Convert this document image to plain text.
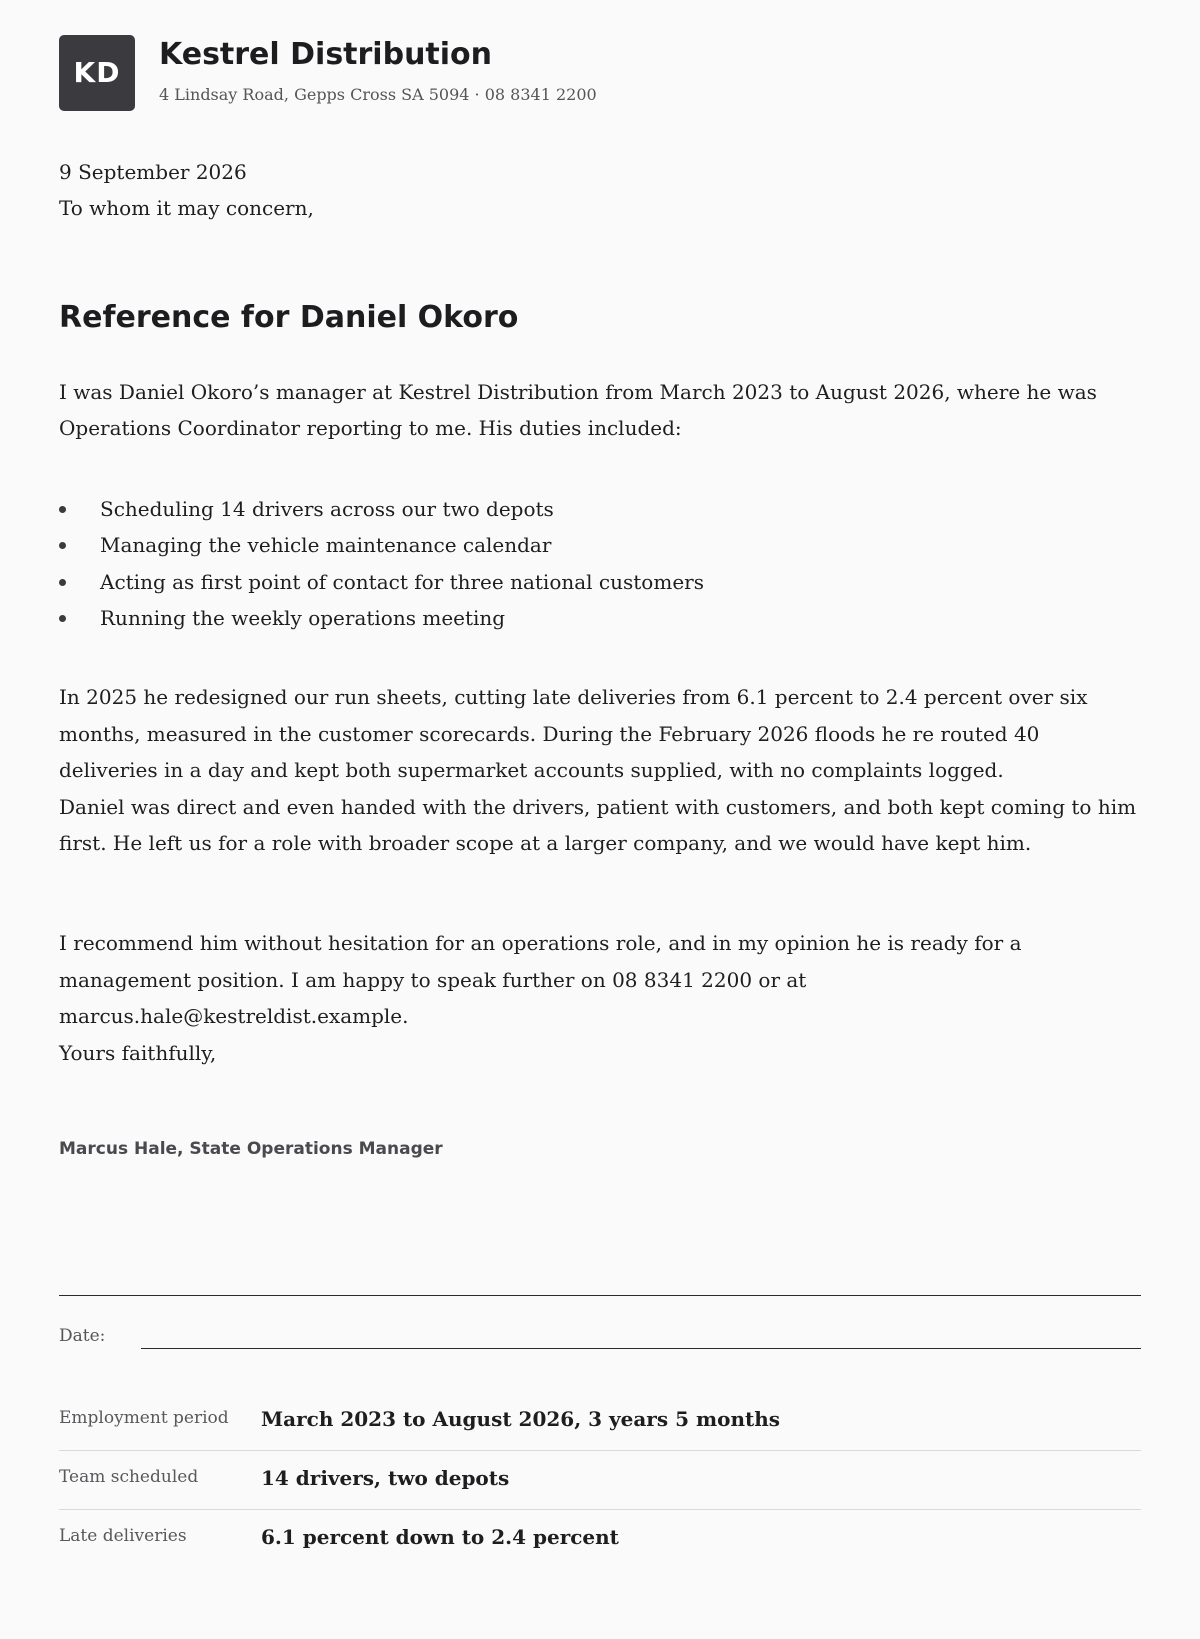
KD
Kestrel Distribution
4 Lindsay Road, Gepps Cross SA 5094 · 08 8341 2200

9 September 2026

To whom it may concern,

Reference for Daniel Okoro

I was Daniel Okoro’s manager at Kestrel Distribution from March 2023 to August 2026, where he was Operations Coordinator reporting to me. His duties included:

Scheduling 14 drivers across our two depots
Managing the vehicle maintenance calendar
Acting as first point of contact for three national customers
Running the weekly operations meeting

In 2025 he redesigned our run sheets, cutting late deliveries from 6.1 percent to 2.4 percent over six months, measured in the customer scorecards. During the February 2026 floods he re routed 40 deliveries in a day and kept both supermarket accounts supplied, with no complaints logged.

Daniel was direct and even handed with the drivers, patient with customers, and both kept coming to him first. He left us for a role with broader scope at a larger company, and we would have kept him.

I recommend him without hesitation for an operations role, and in my opinion he is ready for a management position. I am happy to speak further on 08 8341 2200 or at marcus.hale@kestreldist.example.

Yours faithfully,

Marcus Hale, State Operations Manager

Date:
Employment period March 2023 to August 2026, 3 years 5 months
Team scheduled	14 drivers, two depots
Late deliveries	6.1 percent down to 2.4 percent
